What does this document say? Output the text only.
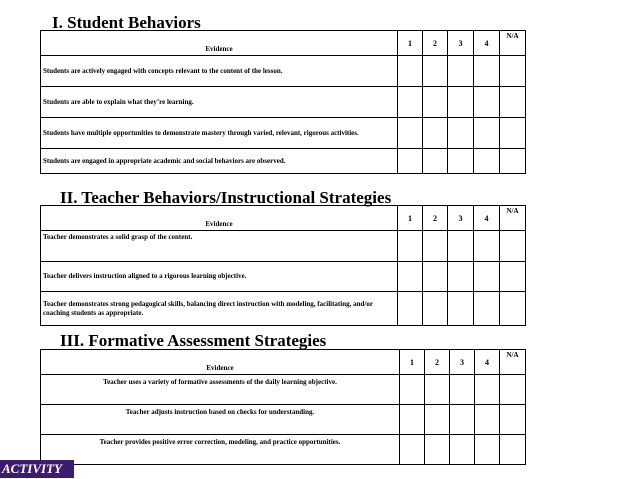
I. Student Behaviors
Evidence	1	2	3	4	N/A
Students are actively engaged with concepts relevant to the content of the lesson.					
Students are able to explain what they’re learning.					
Students have multiple opportunities to demonstrate mastery through varied, relevant, rigorous activities.					
Students are engaged in appropriate academic and social behaviors are observed.					
II. Teacher Behaviors/Instructional Strategies
Evidence	1	2	3	4	N/A
Teacher demonstrates a solid grasp of the content.					
Teacher delivers instruction aligned to a rigorous learning objective.					
Teacher demonstrates strong pedagogical skills, balancing direct instruction with modeling, facilitating, and/or coaching students as appropriate.					
III. Formative Assessment Strategies
Evidence	1	2	3	4	N/A
Teacher uses a variety of formative assessments of the daily learning objective.					
Teacher adjusts instruction based on checks for understanding.					
Teacher provides positive error correction, modeling, and practice opportunities.					
ACTIVITY
